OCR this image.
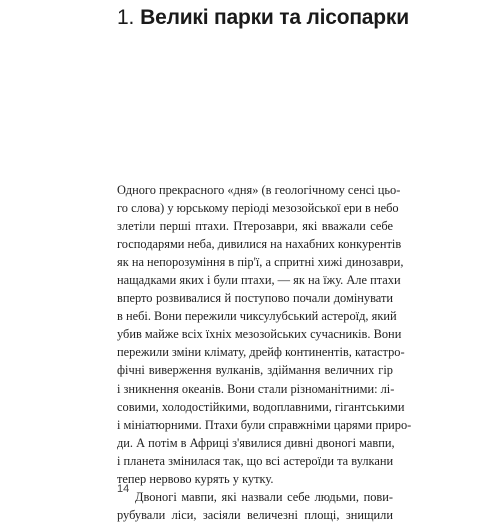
1. Великі парки та лісопарки
Одного прекрасного «дня» (в геологічному сенсі цьо-
го слова) у юрському періоді мезозойської ери в небо
злетіли перші птахи. Птерозаври, які вважали себе
господарями неба, дивилися на нахабних конкурентів
як на непорозуміння в пір'ї, а спритні хижі динозаври,
нащадками яких і були птахи, — як на їжу. Але птахи
вперто розвивалися й поступово почали домінувати
в небі. Вони пережили чиксулубський астероїд, який
убив майже всіх їхніх мезозойських сучасників. Вони
пережили зміни клімату, дрейф континентів, катастро-
фічні виверження вулканів, здіймання величних гір
і зникнення океанів. Вони стали різноманітними: лі-
совими, холодостійкими, водоплавними, гігантськими
і мініатюрними. Птахи були справжніми царями приро-
ди. А потім в Африці з'явилися дивні двоногі мавпи,
і планета змінилася так, що всі астероїди та вулкани
тепер нервово курять у кутку.
Двоногі мавпи, які назвали себе людьми, пови-
рубували ліси, засіяли величезні площі, знищили

14
